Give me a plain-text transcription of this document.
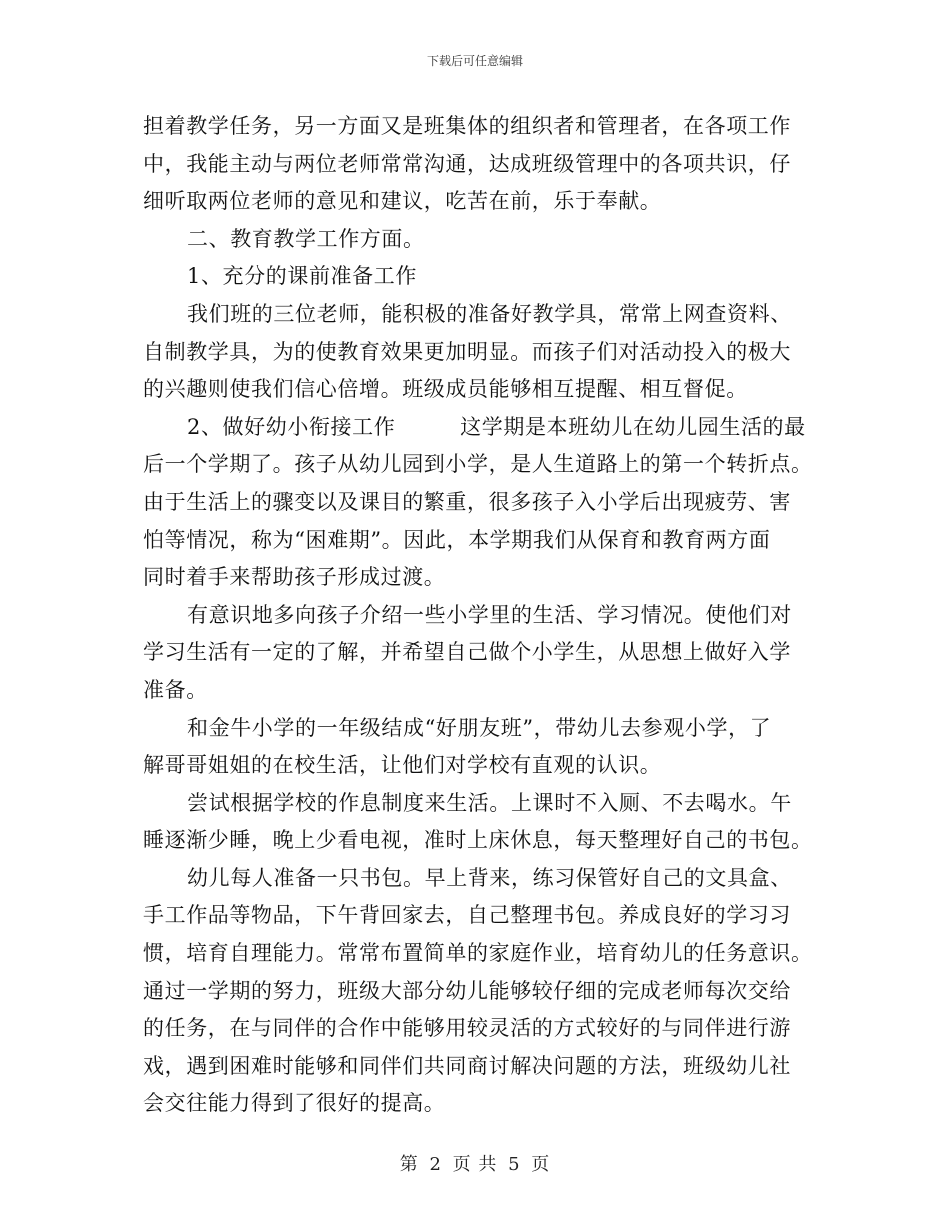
下载后可任意编辑
担着教学任务，另一方面又是班集体的组织者和管理者，在各项工作
中，我能主动与两位老师常常沟通，达成班级管理中的各项共识，仔
细听取两位老师的意见和建议，吃苦在前，乐于奉献。
二、教育教学工作方面。
1、充分的课前准备工作
我们班的三位老师，能积极的准备好教学具，常常上网查资料、
自制教学具，为的使教育效果更加明显。而孩子们对活动投入的极大
的兴趣则使我们信心倍增。班级成员能够相互提醒、相互督促。
2、做好幼小衔接工作　　　这学期是本班幼儿在幼儿园生活的最
后一个学期了。孩子从幼儿园到小学，是人生道路上的第一个转折点。
由于生活上的骤变以及课目的繁重，很多孩子入小学后出现疲劳、害
怕等情况，称为“困难期”。因此，本学期我们从保育和教育两方面
同时着手来帮助孩子形成过渡。
有意识地多向孩子介绍一些小学里的生活、学习情况。使他们对
学习生活有一定的了解，并希望自己做个小学生，从思想上做好入学
准备。
和金牛小学的一年级结成“好朋友班”，带幼儿去参观小学，了
解哥哥姐姐的在校生活，让他们对学校有直观的认识。
尝试根据学校的作息制度来生活。上课时不入厕、不去喝水。午
睡逐渐少睡，晚上少看电视，准时上床休息，每天整理好自己的书包。
幼儿每人准备一只书包。早上背来，练习保管好自己的文具盒、
手工作品等物品，下午背回家去，自己整理书包。养成良好的学习习
惯，培育自理能力。常常布置简单的家庭作业，培育幼儿的任务意识。
通过一学期的努力，班级大部分幼儿能够较仔细的完成老师每次交给
的任务，在与同伴的合作中能够用较灵活的方式较好的与同伴进行游
戏，遇到困难时能够和同伴们共同商讨解决问题的方法，班级幼儿社
会交往能力得到了很好的提高。
第 2 页 共 5 页
